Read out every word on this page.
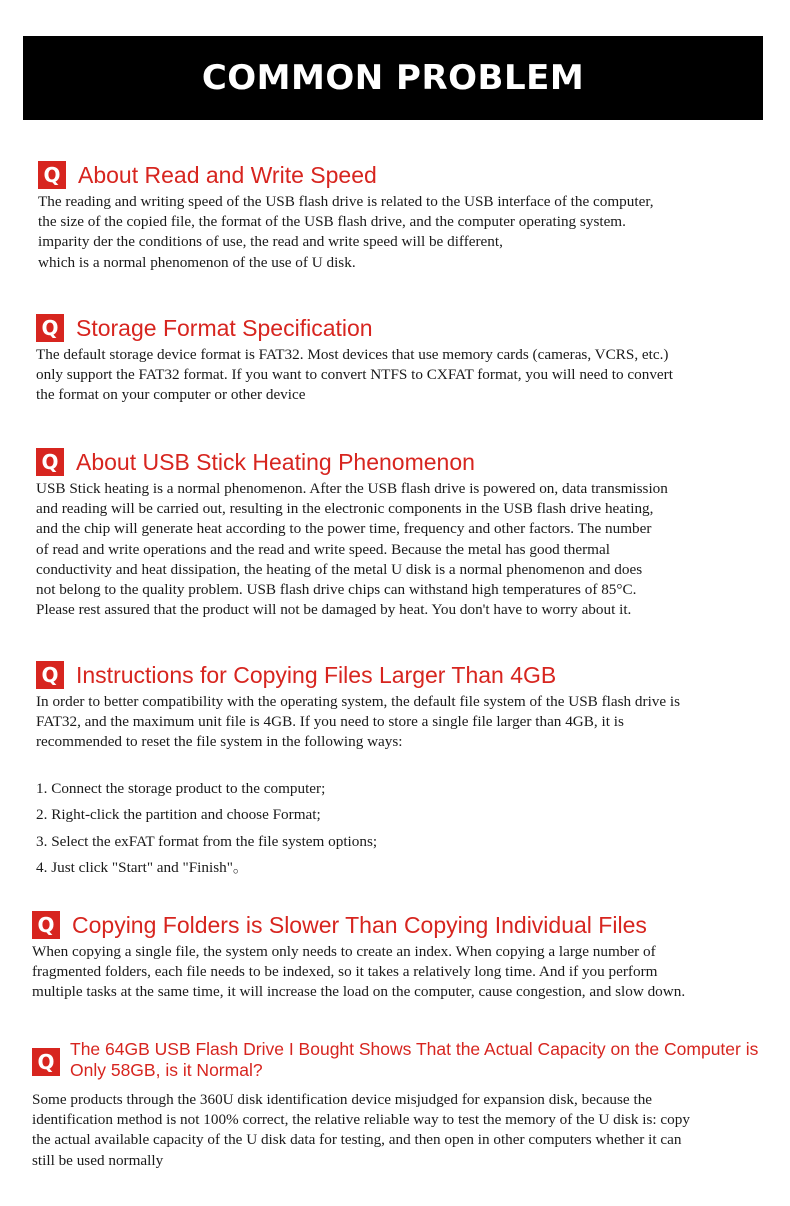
COMMON PROBLEM
Q About Read and Write Speed

The reading and writing speed of the USB flash drive is related to the USB interface of the computer,

the size of the copied file, the format of the USB flash drive, and the computer operating system.

imparity der the conditions of use, the read and write speed will be different,

which is a normal phenomenon of the use of U disk.

Q Storage Format Specification

The default storage device format is FAT32. Most devices that use memory cards (cameras, VCRS, etc.)

only support the FAT32 format. If you want to convert NTFS to CXFAT format, you will need to convert

the format on your computer or other device

Q About USB Stick Heating Phenomenon

USB Stick heating is a normal phenomenon. After the USB flash drive is powered on, data transmission

and reading will be carried out, resulting in the electronic components in the USB flash drive heating,

and the chip will generate heat according to the power time, frequency and other factors. The number

of read and write operations and the read and write speed. Because the metal has good thermal

conductivity and heat dissipation, the heating of the metal U disk is a normal phenomenon and does

not belong to the quality problem. USB flash drive chips can withstand high temperatures of 85°C.

Please rest assured that the product will not be damaged by heat. You don't have to worry about it.

Q Instructions for Copying Files Larger Than 4GB

In order to better compatibility with the operating system, the default file system of the USB flash drive is

FAT32, and the maximum unit file is 4GB. If you need to store a single file larger than 4GB, it is

recommended to reset the file system in the following ways:

1. Connect the storage product to the computer;
2. Right-click the partition and choose Format;
3. Select the exFAT format from the file system options;
4. Just click "Start" and "Finish"。
Q Copying Folders is Slower Than Copying Individual Files

When copying a single file, the system only needs to create an index. When copying a large number of

fragmented folders, each file needs to be indexed, so it takes a relatively long time. And if you perform

multiple tasks at the same time, it will increase the load on the computer, cause congestion, and slow down.

Q
The 64GB USB Flash Drive I Bought Shows That the Actual Capacity on the Computer is
Only 58GB, is it Normal?

Some products through the 360U disk identification device misjudged for expansion disk, because the

identification method is not 100% correct, the relative reliable way to test the memory of the U disk is: copy

the actual available capacity of the U disk data for testing, and then open in other computers whether it can

still be used normally
